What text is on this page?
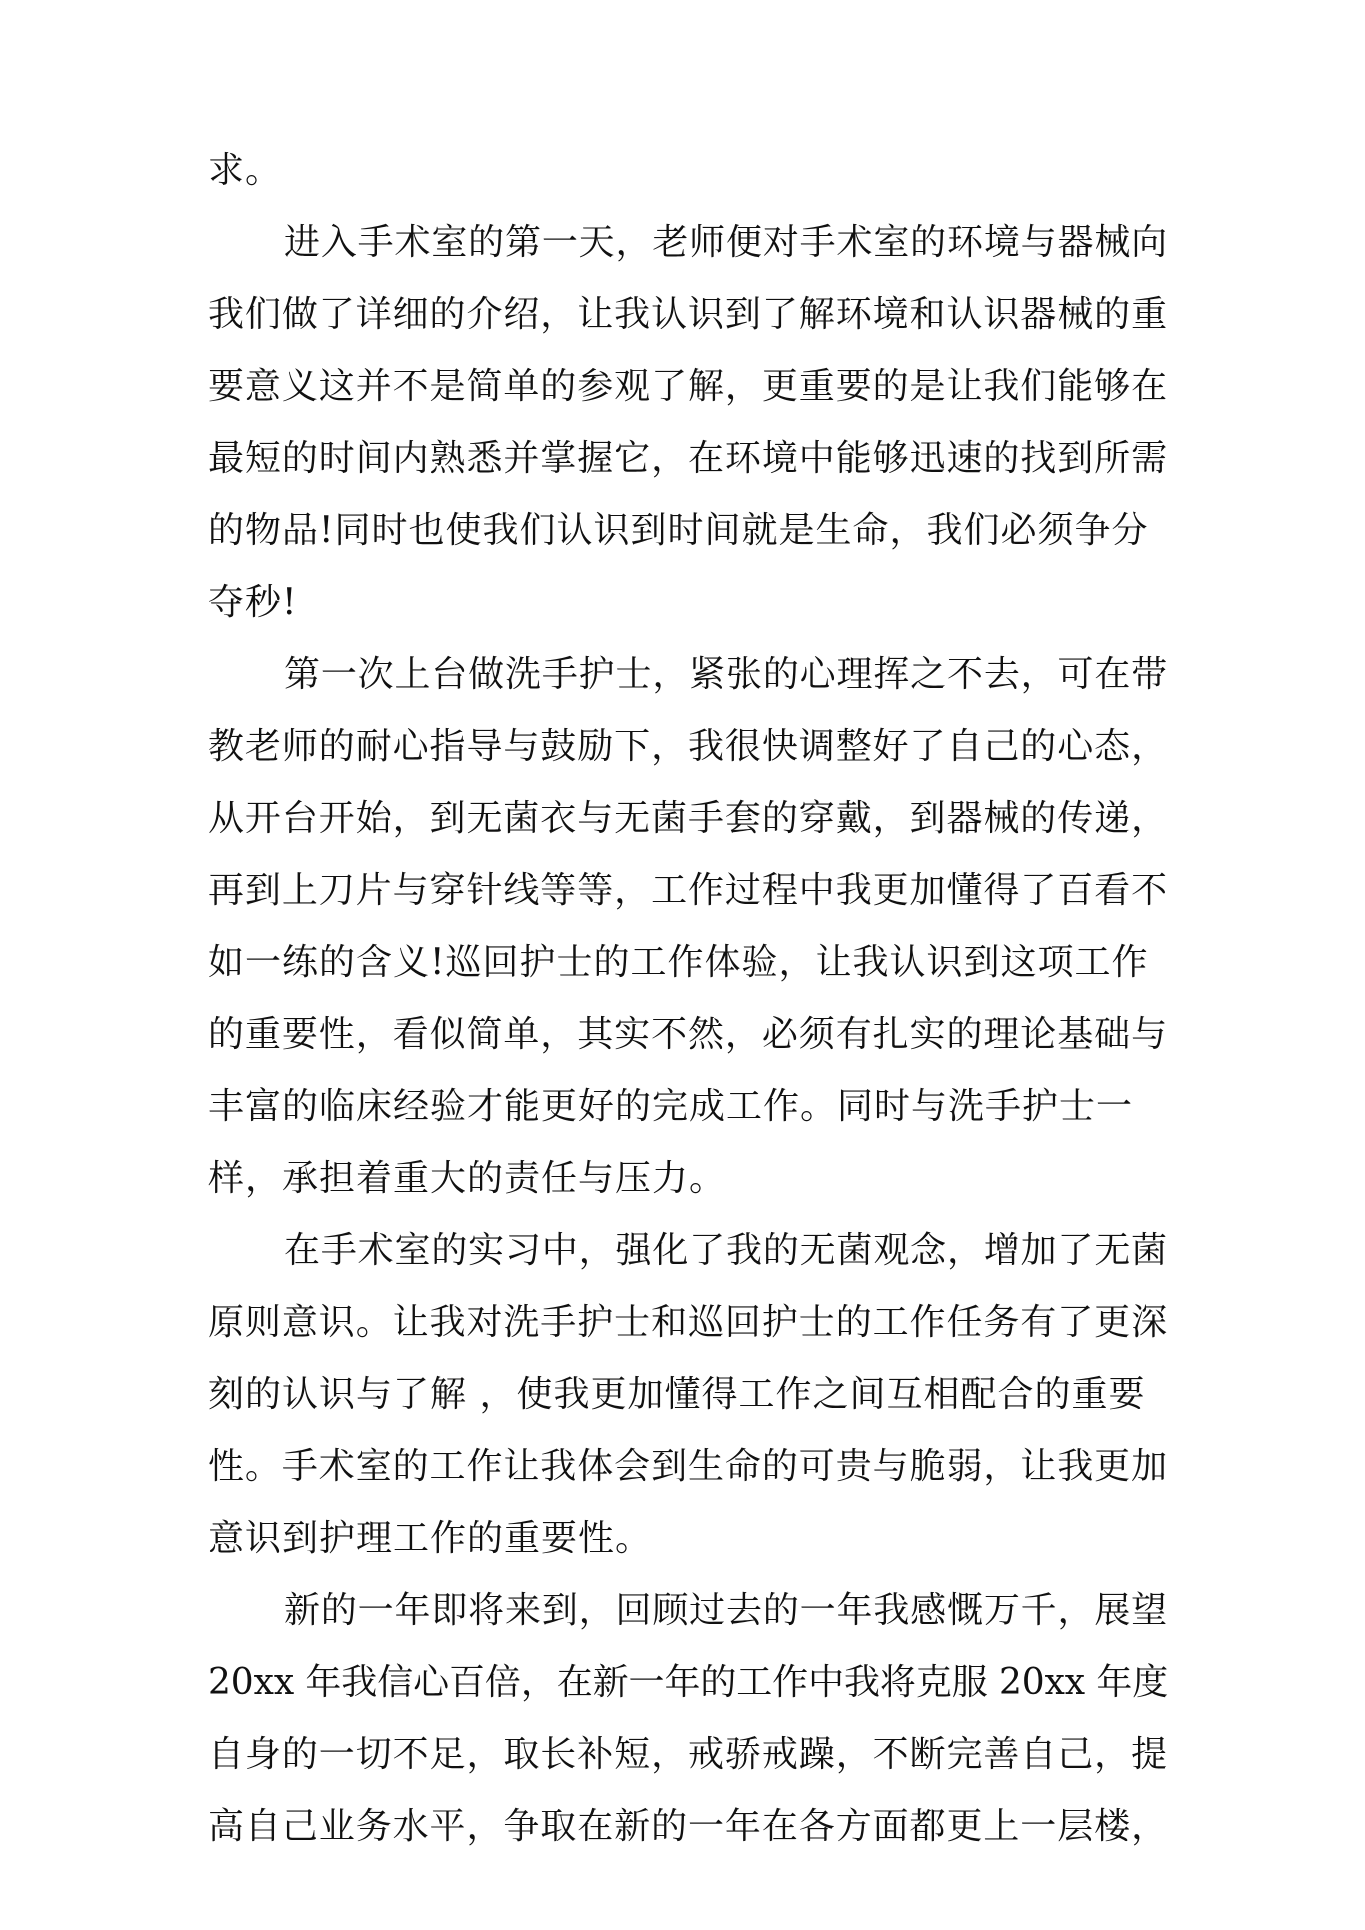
求。
进入手术室的第一天，老师便对手术室的环境与器械向
我们做了详细的介绍，让我认识到了解环境和认识器械的重
要意义这并不是简单的参观了解，更重要的是让我们能够在
最短的时间内熟悉并掌握它，在环境中能够迅速的找到所需
的物品!同时也使我们认识到时间就是生命，我们必须争分
夺秒!
第一次上台做洗手护士，紧张的心理挥之不去，可在带
教老师的耐心指导与鼓励下，我很快调整好了自己的心态，
从开台开始，到无菌衣与无菌手套的穿戴，到器械的传递，
再到上刀片与穿针线等等，工作过程中我更加懂得了百看不
如一练的含义!巡回护士的工作体验，让我认识到这项工作
的重要性，看似简单，其实不然，必须有扎实的理论基础与
丰富的临床经验才能更好的完成工作。同时与洗手护士一
样，承担着重大的责任与压力。
在手术室的实习中，强化了我的无菌观念，增加了无菌
原则意识。让我对洗手护士和巡回护士的工作任务有了更深
刻的认识与了解 ，使我更加懂得工作之间互相配合的重要
性。手术室的工作让我体会到生命的可贵与脆弱，让我更加
意识到护理工作的重要性。
新的一年即将来到，回顾过去的一年我感慨万千，展望
20xx 年我信心百倍，在新一年的工作中我将克服 20xx 年度
自身的一切不足，取长补短，戒骄戒躁，不断完善自己，提
高自己业务水平，争取在新的一年在各方面都更上一层楼，
